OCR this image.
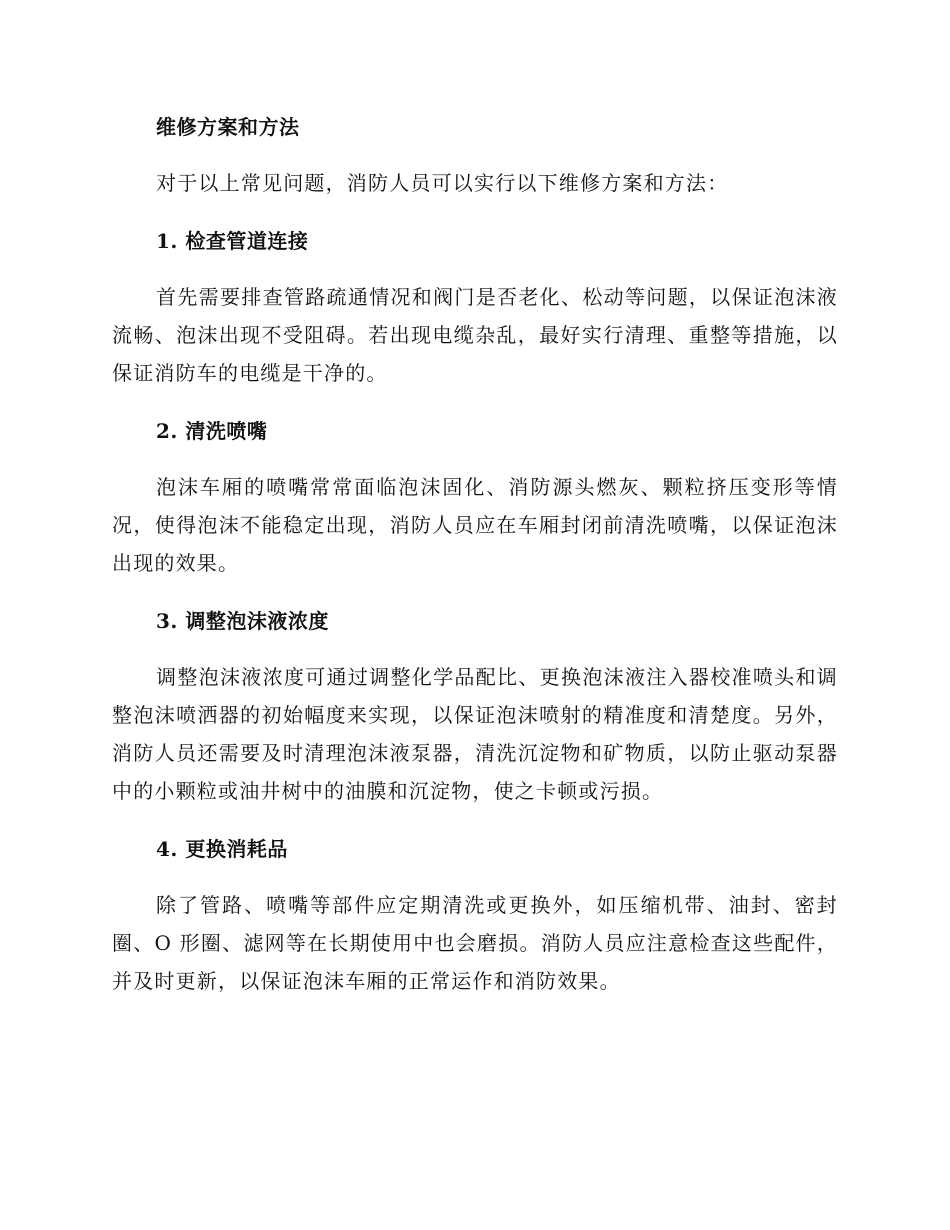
维修方案和方法

对于以上常见问题，消防人员可以实行以下维修方案和方法：

1. 检查管道连接

首先需要排查管路疏通情况和阀门是否老化、松动等问题，以保证泡沫液流畅、泡沫出现不受阻碍。若出现电缆杂乱，最好实行清理、重整等措施，以保证消防车的电缆是干净的。

2. 清洗喷嘴

泡沫车厢的喷嘴常常面临泡沫固化、消防源头燃灰、颗粒挤压变形等情况，使得泡沫不能稳定出现，消防人员应在车厢封闭前清洗喷嘴，以保证泡沫出现的效果。

3. 调整泡沫液浓度

调整泡沫液浓度可通过调整化学品配比、更换泡沫液注入器校准喷头和调整泡沫喷洒器的初始幅度来实现，以保证泡沫喷射的精准度和清楚度。另外，消防人员还需要及时清理泡沫液泵器，清洗沉淀物和矿物质，以防止驱动泵器中的小颗粒或油井树中的油膜和沉淀物，使之卡顿或污损。

4. 更换消耗品

除了管路、喷嘴等部件应定期清洗或更换外，如压缩机带、油封、密封圈、O 形圈、滤网等在长期使用中也会磨损。消防人员应注意检查这些配件，并及时更新，以保证泡沫车厢的正常运作和消防效果。
